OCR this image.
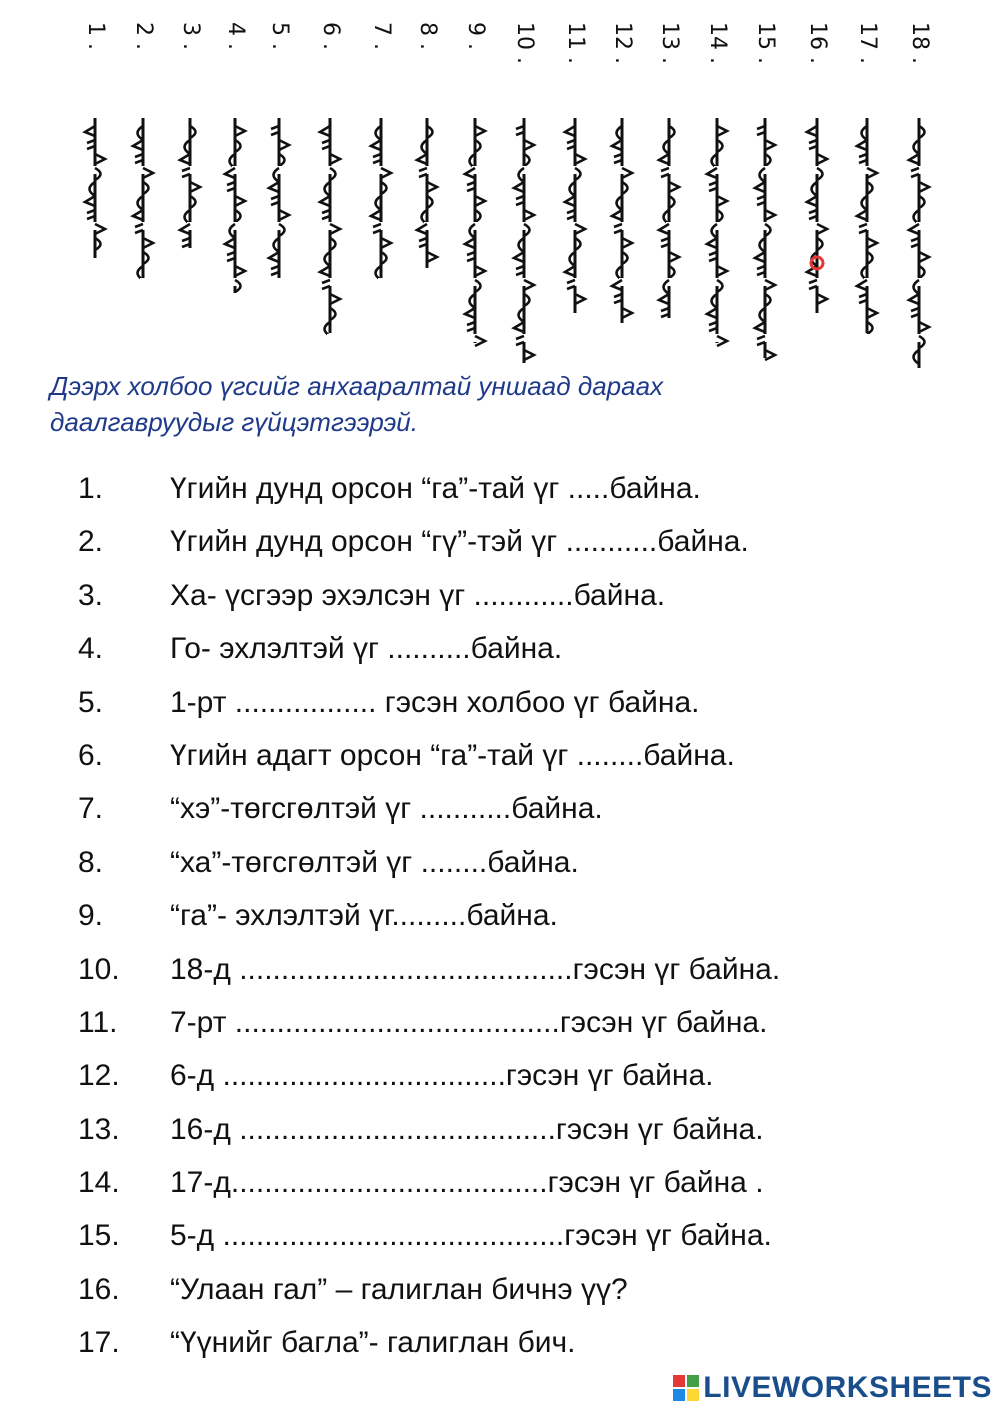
1 . 2 . 3 . 4 . 5 . 6 . 7 . 8 . 9 . 10 . 11 . 12 . 13 . 14 . 15 . 16 . 17 . 18 .

Дээрх холбоо үгсийг анхааралтай уншаад дараах даалгавруудыг гүйцэтгээрэй.

1. Үгийн дунд орсон “га”-тай үг .....байна.
2. Үгийн дунд орсон “гү”-тэй үг ...........байна.
3. Ха- үсгээр эхэлсэн үг ............байна.
4. Го- эхлэлтэй үг ..........байна.
5. 1-рт ................. гэсэн холбоо үг байна.
6. Үгийн адагт орсон “га”-тай үг ........байна.
7. “хэ”-төгсгөлтэй үг ...........байна.
8. “ха”-төгсгөлтэй үг ........байна.
9. “га”- эхлэлтэй үг.........байна.
10. 18-д ........................................гэсэн үг байна.
11. 7-рт .......................................гэсэн үг байна.
12. 6-д ..................................гэсэн үг байна.
13. 16-д ......................................гэсэн үг байна.
14. 17-д......................................гэсэн үг байна .
15. 5-д .........................................гэсэн үг байна.
16. “Улаан гал” – галиглан бичнэ үү?
17. “Үүнийг багла”- галиглан бич.
LIVEWORKSHEETS
